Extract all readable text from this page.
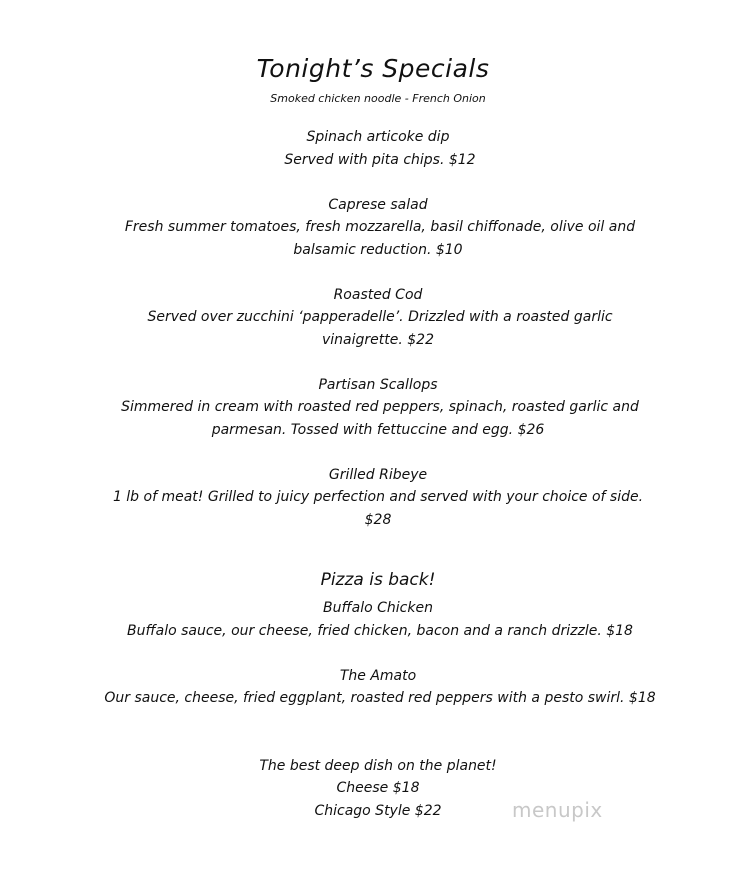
Tonight’s Specials
Smoked chicken noodle - French Onion
Spinach articoke dip
Served with pita chips. $12
Caprese salad
Fresh summer tomatoes, fresh mozzarella, basil chiffonade, olive oil and
balsamic reduction. $10
Roasted Cod
Served over zucchini ‘papperadelle’. Drizzled with a roasted garlic
vinaigrette. $22
Partisan Scallops
Simmered in cream with roasted red peppers, spinach, roasted garlic and
parmesan. Tossed with fettuccine and egg. $26
Grilled Ribeye
1 lb of meat! Grilled to juicy perfection and served with your choice of side.
$28
Pizza is back!
Buffalo Chicken
Buffalo sauce, our cheese, fried chicken, bacon and a ranch drizzle. $18
The Amato
Our sauce, cheese, fried eggplant, roasted red peppers with a pesto swirl. $18
The best deep dish on the planet!
Cheese $18
Chicago Style $22	menupix
